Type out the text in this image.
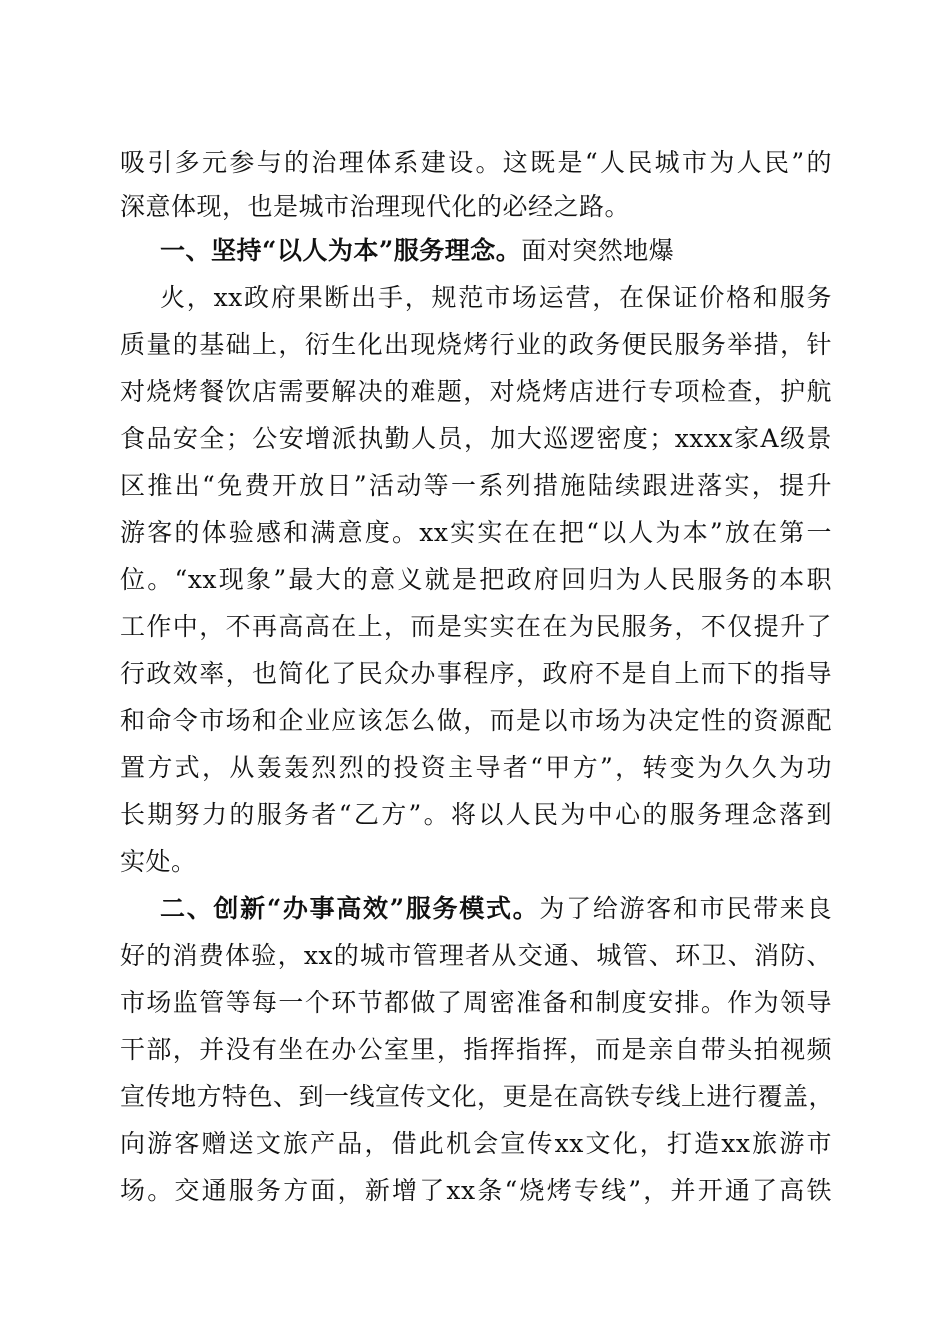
吸引多元参与的治理体系建设。这既是“人民城市为人民”的
深意体现，也是城市治理现代化的必经之路。
一、坚持“以人为本”服务理念。面对突然地爆
火，xx政府果断出手，规范市场运营，在保证价格和服务
质量的基础上，衍生化出现烧烤行业的政务便民服务举措，针
对烧烤餐饮店需要解决的难题，对烧烤店进行专项检查，护航
食品安全；公安增派执勤人员，加大巡逻密度；xxxx家A级景
区推出“免费开放日”活动等一系列措施陆续跟进落实，提升
游客的体验感和满意度。xx实实在在把“以人为本”放在第一
位。“xx现象”最大的意义就是把政府回归为人民服务的本职
工作中，不再高高在上，而是实实在在为民服务，不仅提升了
行政效率，也简化了民众办事程序，政府不是自上而下的指导
和命令市场和企业应该怎么做，而是以市场为决定性的资源配
置方式，从轰轰烈烈的投资主导者“甲方”，转变为久久为功
长期努力的服务者“乙方”。将以人民为中心的服务理念落到
实处。
二、创新“办事高效”服务模式。为了给游客和市民带来良
好的消费体验，xx的城市管理者从交通、城管、环卫、消防、
市场监管等每一个环节都做了周密准备和制度安排。作为领导
干部，并没有坐在办公室里，指挥指挥，而是亲自带头拍视频
宣传地方特色、到一线宣传文化，更是在高铁专线上进行覆盖，
向游客赠送文旅产品，借此机会宣传xx文化，打造xx旅游市
场。交通服务方面，新增了xx条“烧烤专线”，并开通了高铁
